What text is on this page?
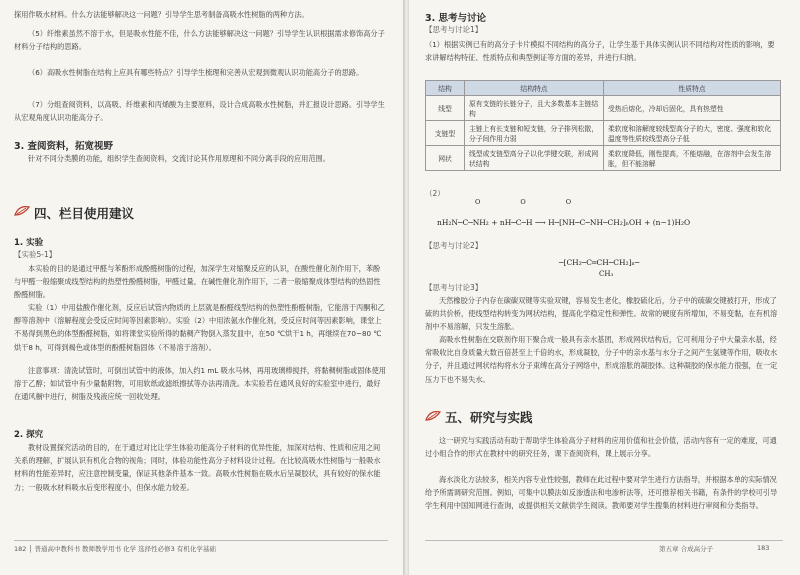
探用作吸水材料。什么方法能够解决这一问题？引导学生思考制备高吸水性树脂的两种方法。

（5）纤维素虽然不溶于水，但是吸水性能不佳，什么方法能够解决这一问题？引导学生认识根据需求修饰高分子材料分子结构的思路。

（6）高吸水性树脂在结构上应具有哪些特点？引导学生梳理和完善从宏观到微观认识功能高分子的思路。

（7）分组查阅资料，以高吸、纤维素和丙烯酸为主要原料，设计合成高吸水性树脂，并汇报设计思路。引导学生从宏观角度认识功能高分子。

3. 查阅资料，拓宽视野

针对不同分类膜的功能，组织学生查阅资料，交流讨论其作用原理和不同分离手段的应用范围。

四、栏目使用建议
1. 实验
【实验5-1】

本实验的目的是通过甲醛与苯酚形成酚醛树脂的过程，加深学生对缩聚反应的认识，在酸性催化剂作用下，苯酚与甲醛一般缩聚成线型结构的热塑性酚醛树脂，甲醛过量，在碱性催化剂作用下，二者一般缩聚成体型结构的热固性酚醛树脂。

实验（1）中用盐酸作催化剂，反应后试管内物质的上层就是酚醛线型结构的热塑性酚醛树脂，它能溶于丙酮和乙醇等溶剂中（溶解程度会受反应时间等因素影响）。实验（2）中用浓氨水作催化剂，受反应时间等因素影响，课堂上不易得到黑色的体型酚醛树脂，如将课堂实验所得的黏稠产物倒入蒸发皿中，在50 ℃烘干1 h，再继续在70~80 ℃烘干8 h，可得到褐色或体型的酚醛树脂固体（不易溶于溶剂）。

注意事项：清洗试管时，可倒出试管中的液体，加入约1 mL 吸水马林，再用玻璃棒搅拌，将黏稠树脂或固体使用溶于乙醇；如试管中有少量黏附物，可用软纸或滤纸擦拭等办法再清洗。本实验若在通风良好的实验室中进行，最好在通风橱中进行，树脂及残液应统一回收处理。

2. 探究

教材设置探究活动的目的，在于通过对比让学生体验功能高分子材料的优异性能，加深对结构、性质和应用之间关系的理解，扩展认识有机化合物的视角；同时，体验功能性高分子材料设计过程。在比较高吸水性树脂与一般吸水材料的性能差异时，应注意控制变量，保证其他条件基本一致。高吸水性树脂在吸水后呈凝胶状，具有较好的保水能力；一般吸水材料吸水后变形程度小，但保水能力较差。

182 │ 普通高中教科书 教师教学用书 化学 选择性必修3 有机化学基础
3. 思考与讨论
【思考与讨论1】

（1）根据实例已有的高分子卡片模拟不同结构的高分子，让学生基于具体实例认识不同结构对性质的影响，要求讲解结构特征、性质特点和典型例证等方面的差异，并进行归纳。

结构	结构特点	性质特点
线型	原有支链的长链分子，且大多数基本主链结构	受热后熔化，冷却后固化，具有热塑性
支链型	主链上有长支链和短支链，分子排列松散，分子间作用力弱	柔软度和溶解度较线型高分子的大，密度、强度和软化温度等性质较线型高分子低
网状	线型或支链型高分子以化学键交联，形成网状结构	柔软度降低，刚性提高，不能熔融，在溶剂中会发生溶胀，但不能溶解
（2）
OOO
nH₂N─C─NH₂ + nH─C─H ⟶ H─[NH─C─NH─CH₂]ₙOH + (n−1)H₂O
【思考与讨论2】
─[CH₂─C═CH─CH₂]ₙ─
CH₃
【思考与讨论3】

天然橡胶分子内存在碳碳双键等实验双键，容易发生老化，橡胶硫化后，分子中的硫碳交键被打开，形成了硫的共价桥，使线型结构转变为网状结构，提高化学稳定性和弹性。故常的硬度有所增加，不易变黏，在有机溶剂中不易溶解，只发生溶胀。

高吸水性树脂在交联剂作用下聚合成一般具有亲水基团，形成网状结构后，它可利用分子中大量亲水基，经常吸收比自身质量大数百倍甚至上千倍的水，形成凝胶，分子中的亲水基与水分子之间产生氢键等作用，吸收水分子，并且通过网状结构将水分子束缚在高分子网络中，形成溶胀的凝胶体。这种凝胶的保水能力很强，在一定压力下也不易失水。

五、研究与实践

这一研究与实践活动有助于帮助学生体验高分子材料的应用价值和社会价值，活动内容有一定的难度，可通过小组合作的形式在教材中的研究任务，课下查阅资料，课上展示分享。

海水淡化方法较多，相关内容专业性较强，教师在此过程中要对学生进行方法指导，并根据本单的实际情况给予所需调研究范围。例如，可集中以膜法如反渗透法和电渗析法等，还可推荐相关书籍，有条件的学校可引导学生利用中国知网进行查询，或提供相关文献供学生阅读。教师要对学生搜集的材料进行审阅和分类指导。

第五章 合成高分子	183
